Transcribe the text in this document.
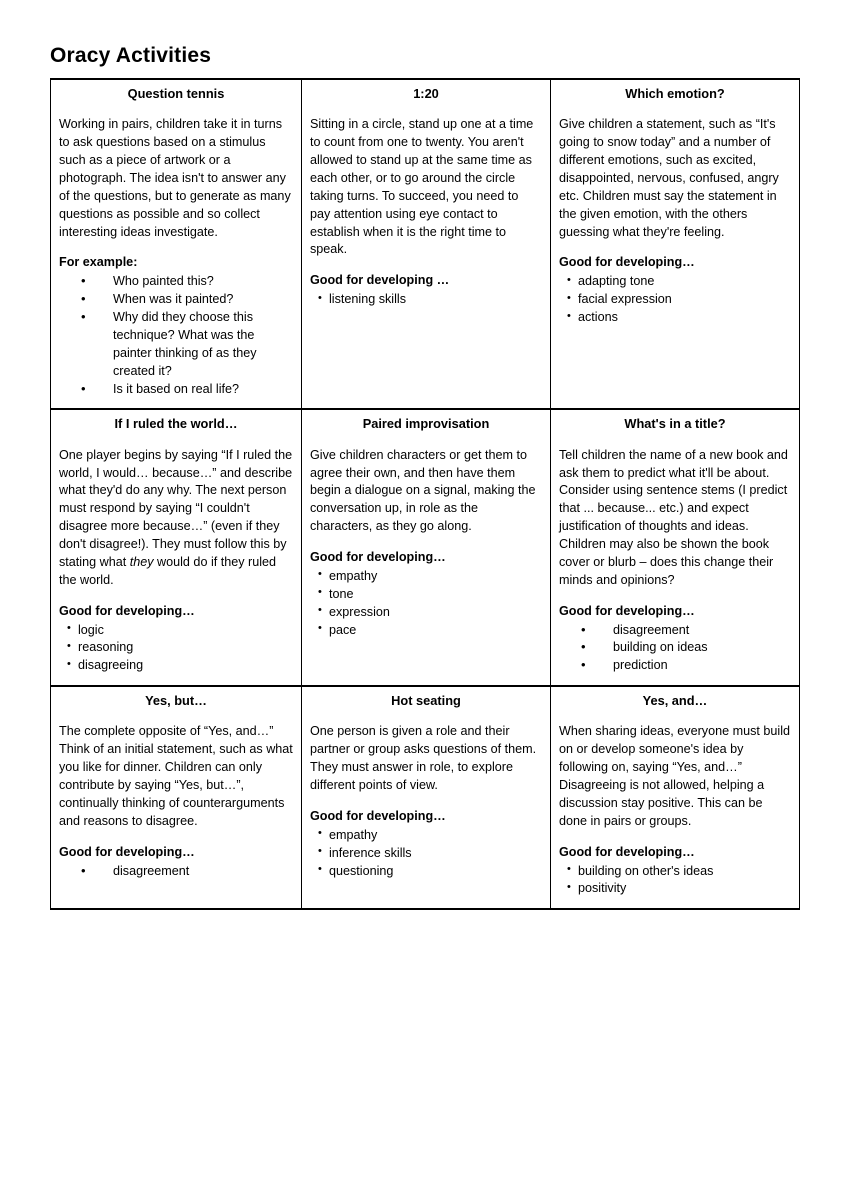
Oracy Activities
Question tennis

Working in pairs, children take it in turns to ask questions based on a stimulus such as a piece of artwork or a photograph. The idea isn't to answer any of the questions, but to generate as many questions as possible and so collect interesting ideas investigate.

For example:
• Who painted this?
• When was it painted?
• Why did they choose this technique? What was the painter thinking of as they created it?
• Is it based on real life?

1:20

Sitting in a circle, stand up one at a time to count from one to twenty. You aren't allowed to stand up at the same time as each other, or to go around the circle taking turns. To succeed, you need to pay attention using eye contact to establish when it is the right time to speak.

Good for developing …
• listening skills

Which emotion?

Give children a statement, such as “It's going to snow today” and a number of different emotions, such as excited, disappointed, nervous, confused, angry etc. Children must say the statement in the given emotion, with the others guessing what they're feeling.

Good for developing…
• adapting tone
• facial expression
• actions

If I ruled the world…

One player begins by saying “If I ruled the world, I would… because…” and describe what they'd do any why. The next person must respond by saying “I couldn't disagree more because…” (even if they don't disagree!). They must follow this by stating what they would do if they ruled the world.

Good for developing…
• logic
• reasoning
• disagreeing

Paired improvisation

Give children characters or get them to agree their own, and then have them begin a dialogue on a signal, making the conversation up, in role as the characters, as they go along.

Good for developing…
• empathy
• tone
• expression
• pace

What's in a title?

Tell children the name of a new book and ask them to predict what it'll be about. Consider using sentence stems (I predict that ... because... etc.) and expect justification of thoughts and ideas. Children may also be shown the book cover or blurb – does this change their minds and opinions?

Good for developing…
• disagreement
• building on ideas
• prediction

Yes, but…

The complete opposite of “Yes, and…” Think of an initial statement, such as what you like for dinner. Children can only contribute by saying “Yes, but…”, continually thinking of counterarguments and reasons to disagree.

Good for developing…
• disagreement

Hot seating

One person is given a role and their partner or group asks questions of them. They must answer in role, to explore different points of view.

Good for developing…
• empathy
• inference skills
• questioning

Yes, and…

When sharing ideas, everyone must build on or develop someone's idea by following on, saying “Yes, and…” Disagreeing is not allowed, helping a discussion stay positive. This can be done in pairs or groups.

Good for developing…
• building on other's ideas
• positivity
